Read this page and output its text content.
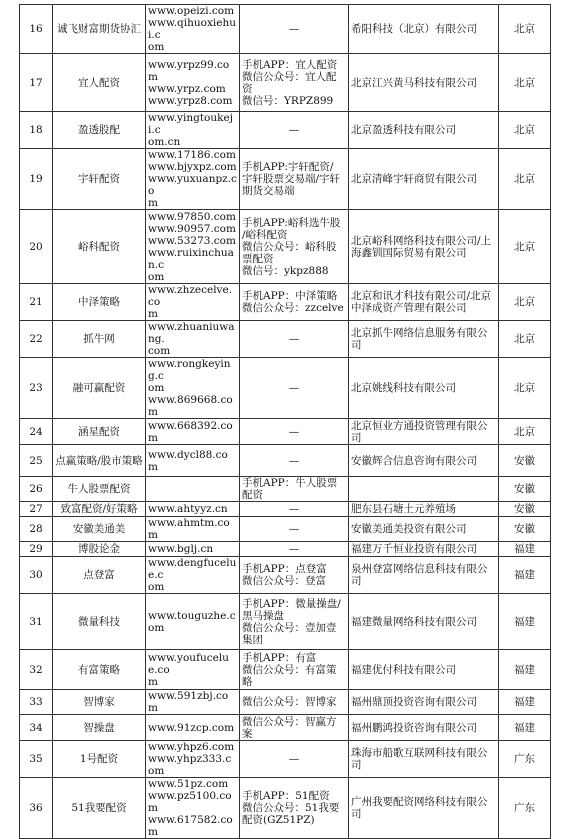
16	诚飞财富期货协汇	www.opeizi.com
www.qihuoxiehui.c
om	—	希阳科技（北京）有限公司	北京
17	宜人配资	www.yrpz99.com
www.yrpz.com
www.yrpz8.com	手机APP：宜人配资
微信公众号：宜人配资
微信号：YRPZ899	北京江兴黄马科技有限公司	北京
18	盈透股配	www.yingtoukeji.c
om.cn	—	北京盈透科技有限公司	北京
19	宇轩配资	www.17186.com
www.bjyxpz.com
www.yuxuanpz.co
m	手机APP:宇轩配资/
宇轩股票交易端/宇轩
期货交易端	北京清峰宇轩商贸有限公司	北京
20	峪科配资	www.97850.com
www.90957.com
www.53273.com
www.ruixinchuan.c
om	手机APP:峪科选牛股
/峪科配资
微信公众号：峪科股
票配资
微信号：ykpz888	北京峪科网络科技有限公司/上海鑫钏国际贸易有限公司	北京
21	中泽策略	www.zhzecelve.co
m	手机APP：中泽策略
微信公众号：zzcelve	北京和讯才科技有限公司/北京中泽成资产管理有限公司	北京
22	抓牛网	www.zhuaniuwang.
com	—	北京抓牛网络信息服务有限公司	北京
23	融可赢配资	www.rongkeying.c
om
www.869668.com	—	北京姚线科技有限公司	北京
24	涵星配资	www.668392.com	—	北京恒业方通投资管理有限公司	北京
25	点赢策略/股市策略	www.dycl88.com	—	安徽辉合信息咨询有限公司	安徽
26	牛人股票配资		手机APP：牛人股票
配资		安徽
27	致富配资/好策略	www.ahtyyz.cn	—	肥东县石塘土元养殖场	安徽
28	安徽美通美	www.ahmtm.com	—	安徽美通美投资有限公司	安徽
29	博股论金	www.bglj.cn	—	福建万千恒业投资有限公司	福建
30	点登富	www.dengfucelue.c
om	手机APP：点登富
微信公众号：登富	泉州登富网络信息科技有限公司	福建
31	微量科技	www.touguzhe.com	手机APP：微量操盘/
黑马操盘
微信公众号：壹加壹
集团	福建微量网络科技有限公司	福建
32	有富策略	www.youfucelue.co
m	手机APP：有富
微信公众号：有富策
略	福建优付科技有限公司	福建
33	智博家	www.591zbj.com	微信公众号：智博家	福州鼎顶投资咨询有限公司	福建
34	智操盘	www.91zcp.com	微信公众号：智赢方
案	福州鹏鸿投资咨询有限公司	福建
35	1号配资	www.yhpz6.com
www.yhpz333.com	—	珠海市船歌互联网科技有限公司	广东
36	51我要配资	www.51pz.com
www.pz5100.com
www.617582.com	手机APP：51配资
微信公众号：51我要
配资(GZ51PZ)	广州我要配资网络科技有限公司	广东
